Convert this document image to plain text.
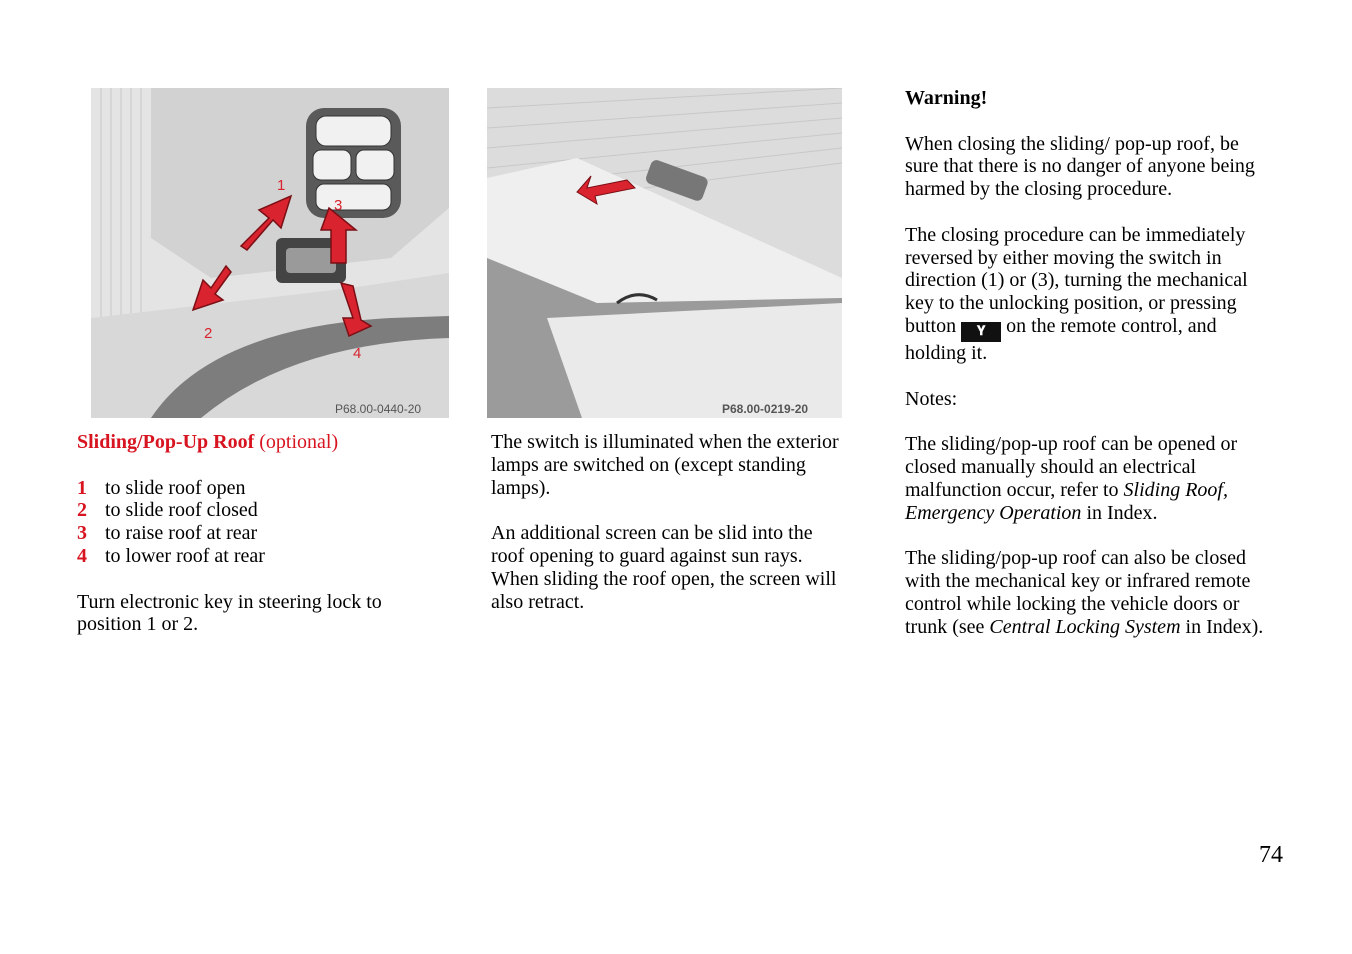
1
2
3
4
P68.00-0440-20	P68.00-0219-20

Sliding/Pop-Up Roof (optional)

1 to slide roof open
2 to slide roof closed
3 to raise roof at rear
4 to lower roof at rear

Turn electronic key in steering lock to position 1 or 2.

The switch is illuminated when the exterior lamps are switched on (except standing lamps).

An additional screen can be slid into the roof opening to guard against sun rays. When sliding the roof open, the screen will also retract.

Warning!

When closing the sliding/ pop-up roof, be sure that there is no danger of anyone being harmed by the closing procedure.

The closing procedure can be immediately reversed by either moving the switch in direction (1) or (3), turning the mechanical key to the unlocking position, or pressing button 𝚼 on the remote control, and holding it.

Notes:

The sliding/pop-up roof can be opened or closed manually should an electrical malfunction occur, refer to Sliding Roof, Emergency Operation in Index.

The sliding/pop-up roof can also be closed with the mechanical key or infrared remote control while locking the vehicle doors or trunk (see Central Locking System in Index).

74
